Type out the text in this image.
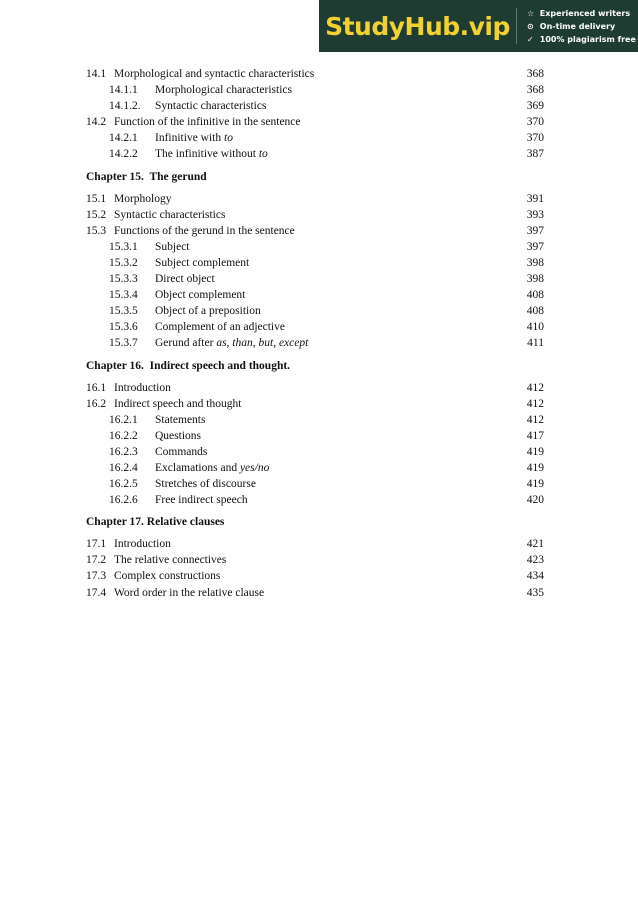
StudyHub.vip	☆ Experienced writers
⊙ On-time delivery
✓ 100% plagiarism free
14.1 Morphological and syntactic characteristics	368
14.1.1	Morphological characteristics	368
14.1.2.	Syntactic characteristics	369
14.2 Function of the infinitive in the sentence	370
14.2.1	Infinitive with to	370
14.2.2	The infinitive without to	387
Chapter 15.  The gerund
15.1 Morphology	391
15.2 Syntactic characteristics	393
15.3 Functions of the gerund in the sentence	397
15.3.1	Subject	397
15.3.2	Subject complement	398
15.3.3	Direct object	398
15.3.4	Object complement	408
15.3.5	Object of a preposition	408
15.3.6	Complement of an adjective	410
15.3.7	Gerund after as, than, but, except	411
Chapter 16.  Indirect speech and thought.
16.1 Introduction	412
16.2 Indirect speech and thought	412
16.2.1	Statements	412
16.2.2	Questions	417
16.2.3	Commands	419
16.2.4	Exclamations and yes/no	419
16.2.5	Stretches of discourse	419
16.2.6	Free indirect speech	420
Chapter 17. Relative clauses
17.1 Introduction	421
17.2 The relative connectives	423
17.3 Complex constructions	434
17.4 Word order in the relative clause	435
